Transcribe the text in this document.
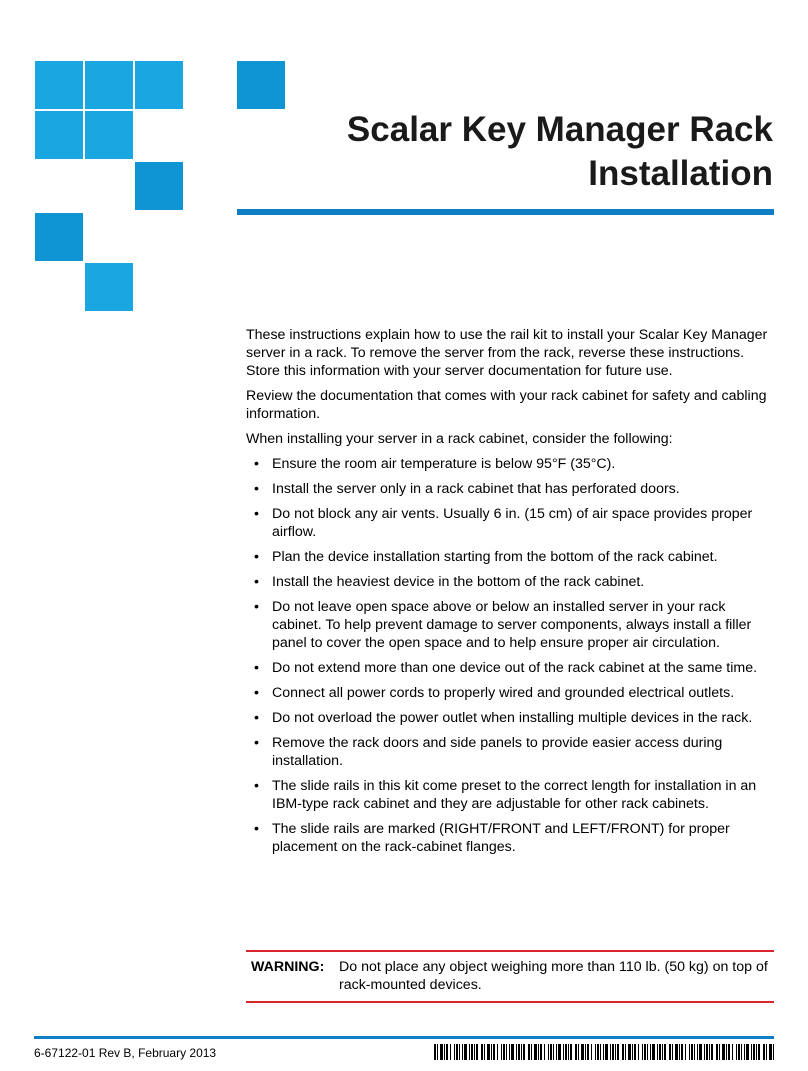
Scalar Key Manager Rack
Installation

These instructions explain how to use the rail kit to install your Scalar Key Manager server in a rack. To remove the server from the rack, reverse these instructions. Store this information with your server documentation for future use.

Review the documentation that comes with your rack cabinet for safety and cabling information.

When installing your server in a rack cabinet, consider the following:

• Ensure the room air temperature is below 95°F (35°C).
• Install the server only in a rack cabinet that has perforated doors.
• Do not block any air vents. Usually 6 in. (15 cm) of air space provides proper airflow.
• Plan the device installation starting from the bottom of the rack cabinet.
• Install the heaviest device in the bottom of the rack cabinet.
• Do not leave open space above or below an installed server in your rack cabinet. To help prevent damage to server components, always install a filler panel to cover the open space and to help ensure proper air circulation.
• Do not extend more than one device out of the rack cabinet at the same time.
• Connect all power cords to properly wired and grounded electrical outlets.
• Do not overload the power outlet when installing multiple devices in the rack.
• Remove the rack doors and side panels to provide easier access during installation.
• The slide rails in this kit come preset to the correct length for installation in an IBM-type rack cabinet and they are adjustable for other rack cabinets.
• The slide rails are marked (RIGHT/FRONT and LEFT/FRONT) for proper placement on the rack-cabinet flanges.
WARNING:	Do not place any object weighing more than 110 lb. (50 kg) on top of rack-mounted devices.
6-67122-01 Rev B, February 2013
